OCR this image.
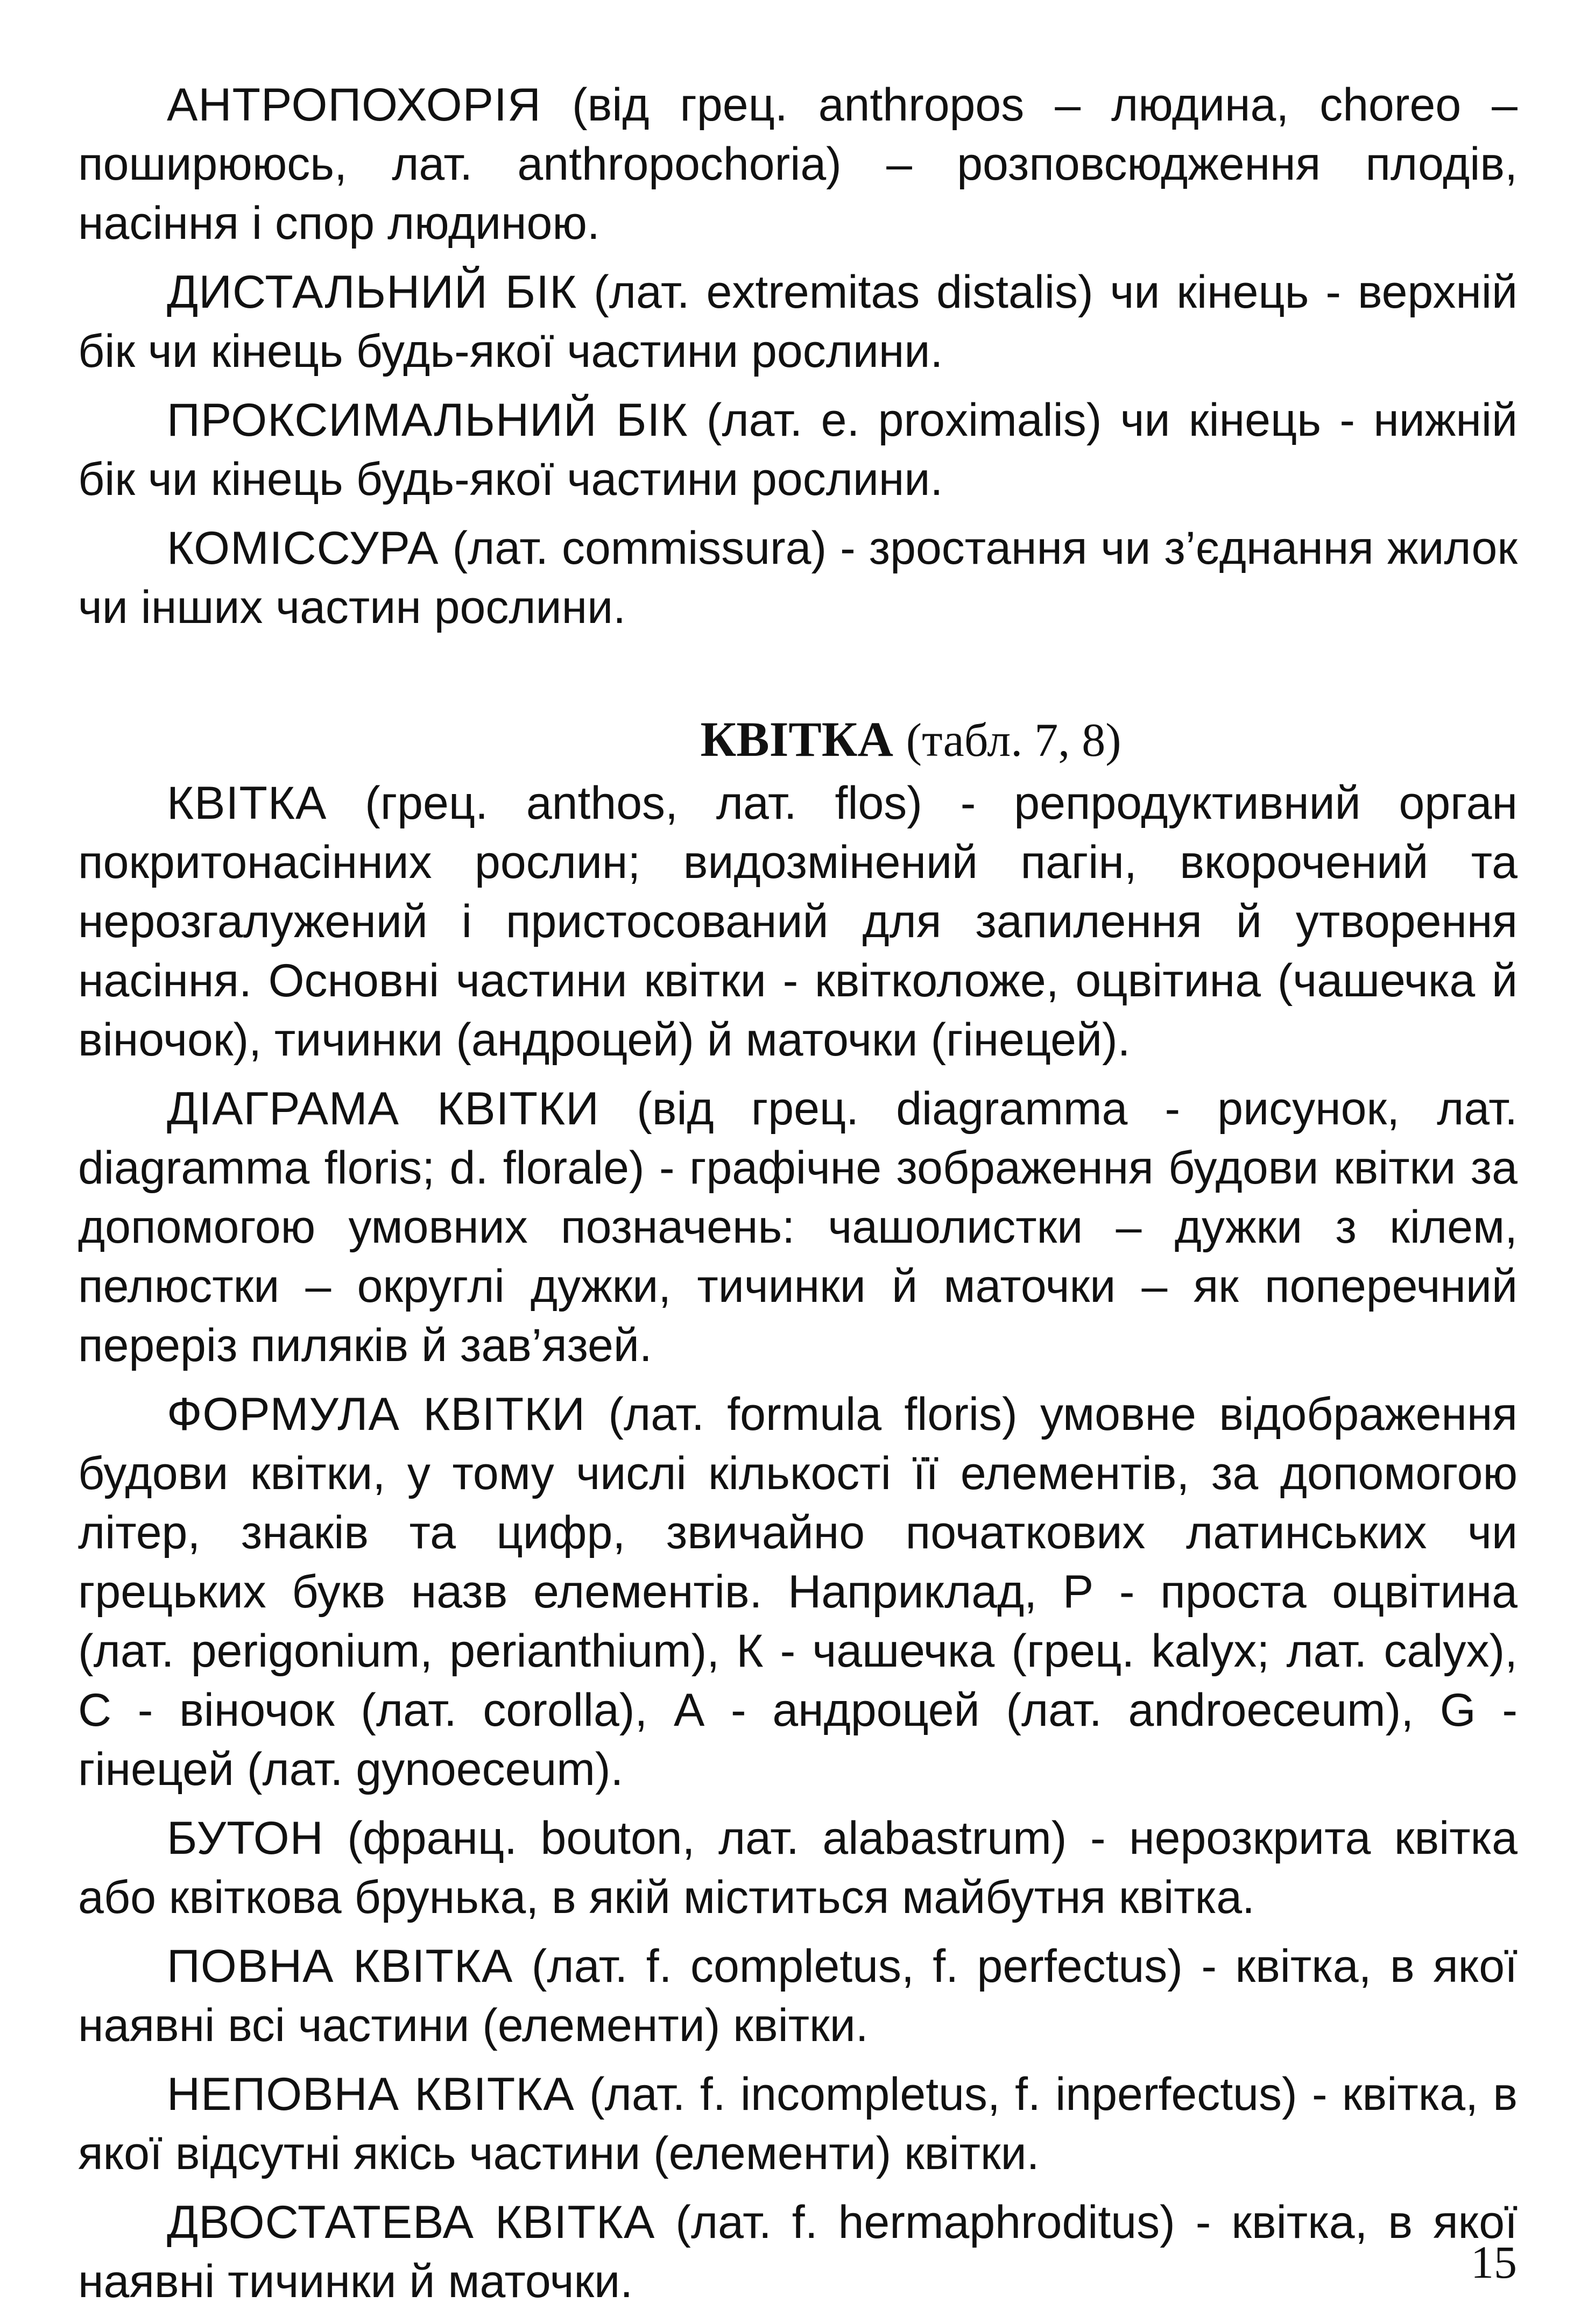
АНТРОПОХОРІЯ (від грец. anthropos – людина, choreo – поширююсь, лат. anthropochoria) – розповсюдження плодів, насіння і спор людиною.

ДИСТАЛЬНИЙ БІК (лат. extremitas distalis) чи кінець - верхній бік чи кінець будь-якої частини рослини.

ПРОКСИМАЛЬНИЙ БІК (лат. e. proximalis) чи кінець - нижній бік чи кінець будь-якої частини рослини.

КОМІССУРА (лат. commissura) - зростання чи з’єднання жилок чи інших частин рослини.

КВІТКА (табл. 7, 8)

КВІТКА (грец. anthos, лат. flos) - репродуктивний орган покритонасінних рослин; видозмінений пагін, вкорочений та нерозгалужений і пристосований для запилення й утворення насіння. Основні частини квітки - квітколоже, оцвітина (чашечка й віночок), тичинки (андроцей) й маточки (гінецей).

ДІАГРАМА КВІТКИ (від грец. diagramma - рисунок, лат. diagramma floris; d. florale) - графічне зображення будови квітки за допомогою умовних позначень: чашолистки – дужки з кілем, пелюстки – округлі дужки, тичинки й маточки – як поперечний переріз пиляків й зав’язей.

ФОРМУЛА КВІТКИ (лат. formula floris) умовне відображення будови квітки, у тому числі кількості її елементів, за допомогою літер, знаків та цифр, звичайно початкових латинських чи грецьких букв назв елементів. Наприклад, Р - проста оцвітина (лат. perigonium, perianthium), К - чашечка (грец. kalyx; лат. calyx), С - віночок (лат. corolla), А - андроцей (лат. androeceum), G - гінецей (лат. gynoeceum).

БУТОН (франц. bouton, лат. alabastrum) - нерозкрита квітка або квіткова брунька, в якій міститься майбутня квітка.

ПОВНА КВІТКА (лат. f. completus, f. perfectus) - квітка, в якої наявні всі частини (елементи) квітки.

НЕПОВНА КВІТКА (лат. f. incompletus, f. inperfectus) - квітка, в якої відсутні якісь частини (елементи) квітки.

ДВОСТАТЕВА КВІТКА (лат. f. hermaphroditus) - квітка, в якої наявні тичинки й маточки.	15
